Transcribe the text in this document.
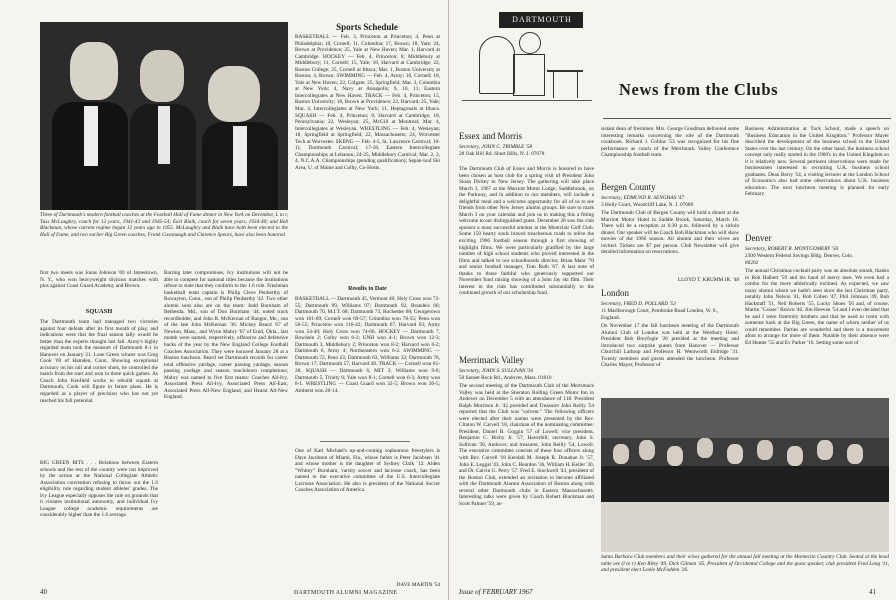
Three of Dartmouth's modern football coaches at the Football Hall of Fame dinner in New York on December, L to r, Tuss McLaughry, coach for 12 years, 1941-42 and 1945-54; Earl Blaik, coach for seven years, 1934-40; and Bob Blackman, whose current regime began 12 years ago in 1955. McLaughry and Blaik have both been elected to the Hall of Fame, and two earlier Big Green coaches, Frank Cavanaugh and Clarence Spears, have also been honored.
Sports Schedule
BASKETBALL — Feb. 3, Princeton at Princeton; 4, Penn at Philadelphia; 10, Cornell; 11, Columbia; 17, Brown; 18, Yale; 24, Brown at Providence; 25, Yale at New Haven; Mar. 1, Harvard at Cambridge. HOCKEY — Feb. 4, Princeton; 8, Middlebury at Middlebury; 11, Cornell; 15, Yale; 18, Harvard at Cambridge; 22, Boston College; 25, Cornell at Ithaca; Mar. 1, Boston University at Boston; 4, Brown. SWIMMING — Feb. 4, Army; 10, Cornell; 18, Yale at New Haven; 22, Colgate; 25, Springfield; Mar. 3, Columbia at New York; 4, Navy at Annapolis; 9, 10, 11, Eastern Intercollegiates at New Haven. TRACK — Feb. 4, Princeton; 15, Boston University; 18, Brown at Providence; 22, Harvard; 25, Yale; Mar. 4, Intercollegiates at New York; 11, Heptagonals at Ithaca. SQUASH — Feb. 4, Princeton; 8, Harvard at Cambridge; 18, Pennsylvania; 22, Wesleyan; 25, McGill at Montreal; Mar. 4, Intercollegiates at Wesleyan. WRESTLING — Feb. 4, Wesleyan; 18, Springfield at Springfield; 22, Massachusetts; 24, Worcester Tech at Worcester. SKIING — Feb. 4-5, St. Lawrence Carnival; 10-11, Dartmouth Carnival; 17-18, Eastern Intercollegiate Championships at Lebanon; 24-25, Middlebury Carnival; Mar. 2, 3, 4, N.C.A.A. Championships (pending qualification); Sepan-loaf Ski Area, U. of Maine and Colby, Co-Hosts.
Results to Date
BASKETBALL — Dartmouth 45, Vermont 40; Holy Cross won 72-55; Dartmouth 99, Williams 97; Dartmouth 92, Brandeis 66; Dartmouth 70, M.I.T. 68; Dartmouth 73, Rochester 68; Georgetown won 101-69; Cornell won 69-57; Columbia won 78-55; Penn won 56-55; Princeton won 116-42; Dartmouth 67, Harvard 63; Army won 54-40; Holy Cross won 74-66. HOCKEY — Dartmouth 7, Bowdoin 2; Colby won 6-2; UNH won 4-1; Brown won 12-3; Dartmouth 3, Middlebury 2; Princeton won 8-2; Harvard won 6-2; Dartmouth 6, Army 4; Northeastern won 6-2. SWIMMING — Dartmouth 72, Penn 23; Dartmouth 63, Williams 32; Dartmouth 78, Brown 17; Dartmouth 57, Harvard 38. TRACK — Cornell won 81-28. SQUASH — Dartmouth 6, MIT 3; Williams won 9-0; Dartmouth 5, Trinity 0; Yale won 8-1; Cornell won 6-3; Army won 8-1. WRESTLING — Coast Guard won 32-5; Brown won 30-5; Amherst won 20-14.
first two meets was Jonas Johnson '69 of Jamestown, N. Y., who won heavyweight division matches with pins against Coast Guard Academy and Brown.
SQUASH
The Dartmouth team had managed two victories against four defeats after its first month of play, and indications were that the final season tally would be better than the experts thought last fall. Army's highly regarded team took the measure of Dartmouth 8-1 in Hanover on January 21. Lone Green winner was Greg Cook '69 of Hamden, Conn. Showing exceptional accuracy on his rail and corner shots, he controlled the match from the start and won in three quick games. As Coach John Kenfield works to rebuild squash at Dartmouth, Cook will figure in future plans. He is regarded as a player of precision who has not yet reached his full potential.
BIG GREEN BITS . . . Relations between Eastern schools and the rest of the country were not improved by the action at the National Collegiate Athletic Association convention refusing to throw out the 1.6 eligibility rule regarding student athletes' grades. The Ivy League especially opposes the rule on grounds that it violates institutional autonomy, and individual Ivy League college academic requirements are considerably higher than the 1.6 average.
Barring later compromises, Ivy institutions will not be able to compete for national titles because the institutions refuse to state that they conform to the 1.6 rule. Freshman basketball team captain is Philip Cleve Penberthy of Rowayton, Conn., son of Philip Penberthy '42. Two other alumni sons also are on the team: Judd Burnham of Bethesda, Md., son of Don Burnham '44, noted track recordholder, and John R. McKernan of Bangor, Me., son of the late John McKernan '36. Mickey Beard '67 of Newton, Mass., and Wynn Mabry '67 of Enid, Okla., last month were named, respectively, offensive and defensive backs of the year by the New England College Football Coaches Association. They were honored January 28 at a Boston luncheon. Beard set Dartmouth records for career total offensive yardage, career passing yardage, season passing yardage and season touchdown completions; Mabry was named to five first teams: Coaches All-Ivy, Associated Press All-Ivy, Associated Press All-East, Associated Press All-New England, and Hearst All-New England.
One of Karl Michael's up-and-coming sophomore freestylers is Dave Jacobsen of Miami, Fla., whose father is Peter Jacobsen '41 and whose mother is the daughter of Sydney Clark '12. Alden "Whitey" Burnham, varsity soccer and lacrosse coach, has been named to the executive committee of the U.S. Intercollegiate Lacrosse Association. He also is president of the National Soccer Coaches Association of America.
DAVE MARTIN '54
40	DARTMOUTH ALUMNI MAGAZINE
DARTMOUTH
News from the Clubs
Essex and Morris
Secretary, JOHN C. TRIMBLE '58
28 Oak Hill Rd. Short Hills, N. J. 07078
The Dartmouth Club of Essex and Morris is honored to have been chosen as host club for a spring visit of President John Sloan Dickey to New Jersey. The gathering will take place March 3, 1967 at the Marriott Motor Lodge, Saddlebrook, on the Parkway, and in addition to our members, will include a delightful meal and a welcome opportunity for all of us to see friends from other New Jersey alumni groups. Be sure to mark March 3 on your calendar and join us in making this a fitting welcome to our distinguished guest. December 28 saw the club sponsor a most successful smoker at the Montclair Golf Club. Some 150 hearty souls braved treacherous roads to relive the exciting 1966 football season through a first showing of highlight films. We were particularly gratified by the large number of high school students who proved interested in the films and talked to our schoolboards director, Brian Mahr '70 and senior football manager, Tom Ruth '67. A last note of thanks to those faithful who generously supported our November fund raising showing of a John Jay ski film. Their interest in the club has contributed substantially to the continued growth of our scholarship fund.
Merrimack Valley
Secretary, JOHN S. SULLIVAN '36
50 Sunset Rock Rd., Andover, Mass. 01810
The second meeting of the Dartmouth Club of the Merrimack Valley was held at the Sheraton Rolling Green Motor Inn in Andover on December 5 with an attendance of 118. President Ralph Morrison Jr. '42 presided and Treasurer John Reilly '54 reported that the Club was "solvent." The following officers were elected after their names were presented by the Rev. Clinton W. Carvell '18, chairman of the nominating committee: President, Daniel B. Goggin '57 of Lowell; vice president, Benjamin C. Bixby Jr. '57, Haverhill; secretary, John S. Sullivan '36, Andover; and treasurer, John Reilly '54, Lowell. The executive committee consists of these four officers along with Rev. Carvell '18 Kendall M. Joseph R. Donahue Jr. '57, John E. Leggat '43, John C. Reardon '36, William H. Keller '30, and Dr. Calvin G. Perry '57. Fred E. Stockwell '43, president of the Boston Club, extended an invitation to become affiliated with the Dartmouth Alumni Association of Boston along with several other Dartmouth clubs in Eastern Massachusetts. Interesting talks were given by Coach Robert Blackman and Scott Palmer '59, as-
sistant dean of freshmen. Mrs. George Goodman delivered some interesting remarks concerning the role of the Dartmouth cookbook. Richard J. Collins '53 was recognized for his fine performance as coach of the Merrimack Valley Conference Championship football team.
Bergen County
Secretary, EDMUND R. SENGHAS '47
3 Holly Court, Woodcliff Lake, N. J. 07680
The Dartmouth Club of Bergen County will hold a dinner at the Marriott Motor Hotel in Saddle Brook, Saturday, March 18. There will be a reception at 6:30 p.m. followed by a sirloin dinner. Our speaker will be Coach Bob Blackman who will show movies of the 1966 season. All alumni and their wives are invited. Tickets are $7 per person. Club Newsletter will give detailed information on reservations.
LLOYD T. KRUMM JR. '48
London
Secretary, FRED D. POLLARD '53
11 Marlborough Court, Pembroke Road London, W. 8., England.
On November 17 the fall luncheon meeting of the Dartmouth Alumni Club of London was held at the Westbury Hotel. President Bob Breyfogle '26 presided at the meeting and introduced two surprise guests from Hanover — Professor Churchill Lathrop and Professor H. Wentworth Eldridge '31. Twenty members and guests attended the luncheon. Professor Charles Mayer, Professor of
Business Administration at Tuck School, made a speech on "Business Education in the United Kingdom." Professor Mayer described the development of the business school in the United States over the last century. On the other hand, the business school concept only really started in the 1960's in the United Kingdom so it is relatively new. Several pertinent observations were made for businessmen interested in recruiting U.K. business school graduates. Dean Berry '54, a visiting lecturer at the London School of Economics also had some observations about U.K. business education. The next luncheon meeting is planned for early February.
Denver
Secretary, ROBERT R. MONTGOMERY '56
2300 Western Federal Savings Bldg. Denver, Colo. 80202
The annual Christmas cocktail party was an absolute smash, thanks to Bob Halbert '59 and his band of merry men. We even had a combo for the more athletically inclined. As expected, we saw many alumni whom we hadn't seen since the last Christmas party, notably John Nelson '41, Bob Cohen '47, Phil Johnson '49, Bob Hackstaff '51, Neil Roberts '55, Lucky Shoes '56 and, of course, Martin "Goose" Brown '46. Jim Hoeven '54 and I even decided that he and I were fraternity brothers and that he used to room with someone back at the Big Green, the name of whom neither of us could remember. Parties are wonderful and there is a movement afoot to arrange for more of them. Notable by their absence were Ed Hunter '55 and Ev Parker '16. Setting some sort of
Santa Barbara Club members and their wives gathered for the annual fall meeting at the Montecito Country Club. Seated at the head table are (l to r) Ken Riley '49, Dick Gilman '45, President of Occidental College and the guest speaker, club president Fred Long '11, and president elect Leslie McFadden '26.
Issue of FEBRUARY 1967	41
